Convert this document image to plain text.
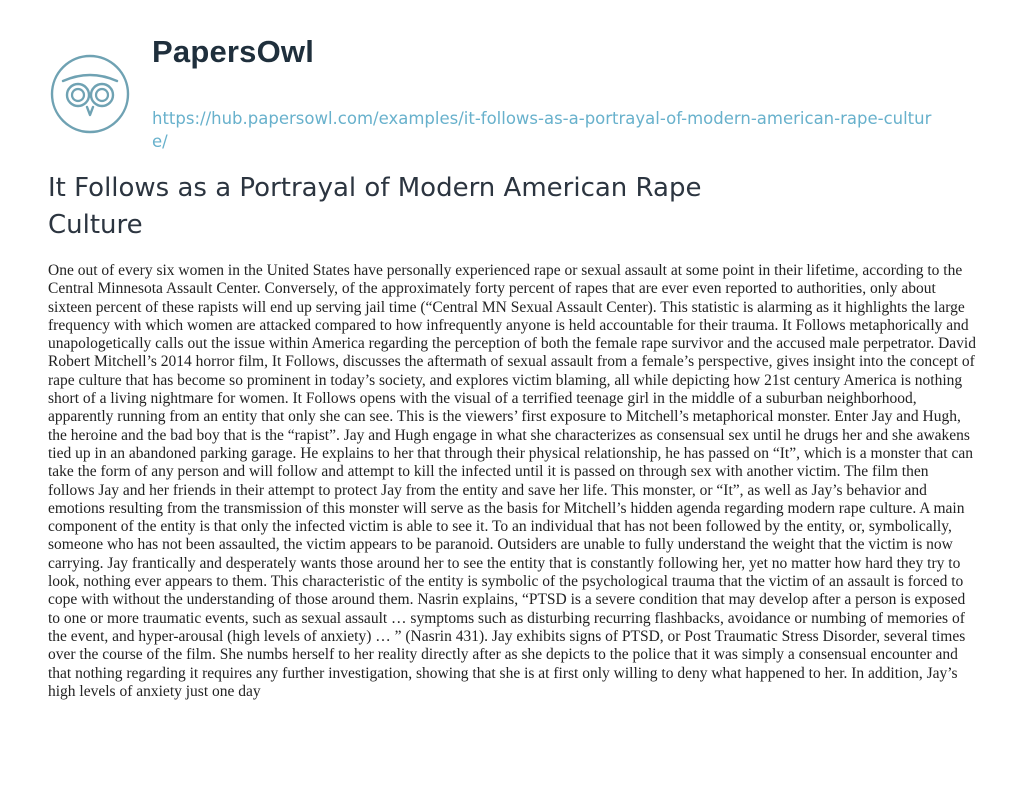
PapersOwl
https://hub.papersowl.com/examples/it-follows-as-a-portrayal-of-modern-american-rape-culture/
It Follows as a Portrayal of Modern American Rape Culture

One out of every six women in the United States have personally experienced rape or sexual assault at some point in their lifetime, according to the Central Minnesota Assault Center. Conversely, of the approximately forty percent of rapes that are ever even reported to authorities, only about sixteen percent of these rapists will end up serving jail time (“Central MN Sexual Assault Center). This statistic is alarming as it highlights the large frequency with which women are attacked compared to how infrequently anyone is held accountable for their trauma. It Follows metaphorically and unapologetically calls out the issue within America regarding the perception of both the female rape survivor and the accused male perpetrator. David Robert Mitchell’s 2014 horror film, It Follows, discusses the aftermath of sexual assault from a female’s perspective, gives insight into the concept of rape culture that has become so prominent in today’s society, and explores victim blaming, all while depicting how 21st century America is nothing short of a living nightmare for women. It Follows opens with the visual of a terrified teenage girl in the middle of a suburban neighborhood, apparently running from an entity that only she can see. This is the viewers’ first exposure to Mitchell’s metaphorical monster. Enter Jay and Hugh, the heroine and the bad boy that is the “rapist”. Jay and Hugh engage in what she characterizes as consensual sex until he drugs her and she awakens tied up in an abandoned parking garage. He explains to her that through their physical relationship, he has passed on “It”, which is a monster that can take the form of any person and will follow and attempt to kill the infected until it is passed on through sex with another victim. The film then follows Jay and her friends in their attempt to protect Jay from the entity and save her life. This monster, or “It”, as well as Jay’s behavior and emotions resulting from the transmission of this monster will serve as the basis for Mitchell’s hidden agenda regarding modern rape culture. A main component of the entity is that only the infected victim is able to see it. To an individual that has not been followed by the entity, or, symbolically, someone who has not been assaulted, the victim appears to be paranoid. Outsiders are unable to fully understand the weight that the victim is now carrying. Jay frantically and desperately wants those around her to see the entity that is constantly following her, yet no matter how hard they try to look, nothing ever appears to them. This characteristic of the entity is symbolic of the psychological trauma that the victim of an assault is forced to cope with without the understanding of those around them. Nasrin explains, “PTSD is a severe condition that may develop after a person is exposed to one or more traumatic events, such as sexual assault … symptoms such as disturbing recurring flashbacks, avoidance or numbing of memories of the event, and hyper-arousal (high levels of anxiety) … ” (Nasrin 431). Jay exhibits signs of PTSD, or Post Traumatic Stress Disorder, several times over the course of the film. She numbs herself to her reality directly after as she depicts to the police that it was simply a consensual encounter and that nothing regarding it requires any further investigation, showing that she is at first only willing to deny what happened to her. In addition, Jay’s high levels of anxiety just one day
